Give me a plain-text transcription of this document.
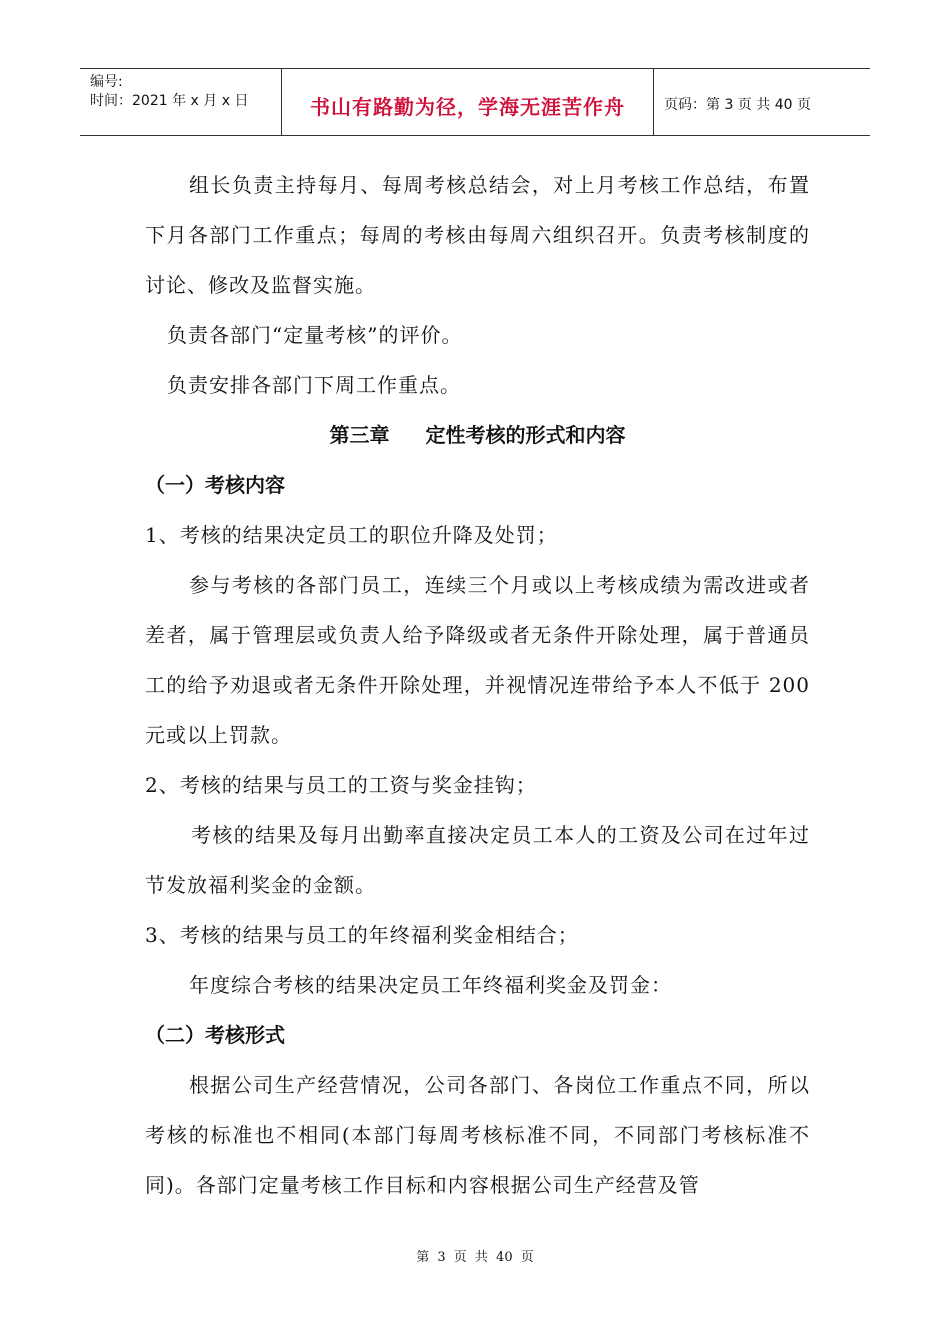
编号:
时间：2021 年 x 月 x 日	书山有路勤为径，学海无涯苦作舟	页码：第 3 页 共 40 页

组长负责主持每月、每周考核总结会，对上月考核工作总结，布置下月各部门工作重点；每周的考核由每周六组织召开。负责考核制度的讨论、修改及监督实施。

负责各部门“定量考核”的评价。

负责安排各部门下周工作重点。

第三章 定性考核的形式和内容

（一）考核内容

1、考核的结果决定员工的职位升降及处罚；

参与考核的各部门员工，连续三个月或以上考核成绩为需改进或者差者，属于管理层或负责人给予降级或者无条件开除处理，属于普通员工的给予劝退或者无条件开除处理，并视情况连带给予本人不低于 200 元或以上罚款。

2、考核的结果与员工的工资与奖金挂钩；

考核的结果及每月出勤率直接决定员工本人的工资及公司在过年过节发放福利奖金的金额。

3、考核的结果与员工的年终福利奖金相结合；

年度综合考核的结果决定员工年终福利奖金及罚金：

（二）考核形式

根据公司生产经营情况，公司各部门、各岗位工作重点不同，所以考核的标准也不相同(本部门每周考核标准不同，不同部门考核标准不同)。各部门定量考核工作目标和内容根据公司生产经营及管

第 3 页 共 40 页
